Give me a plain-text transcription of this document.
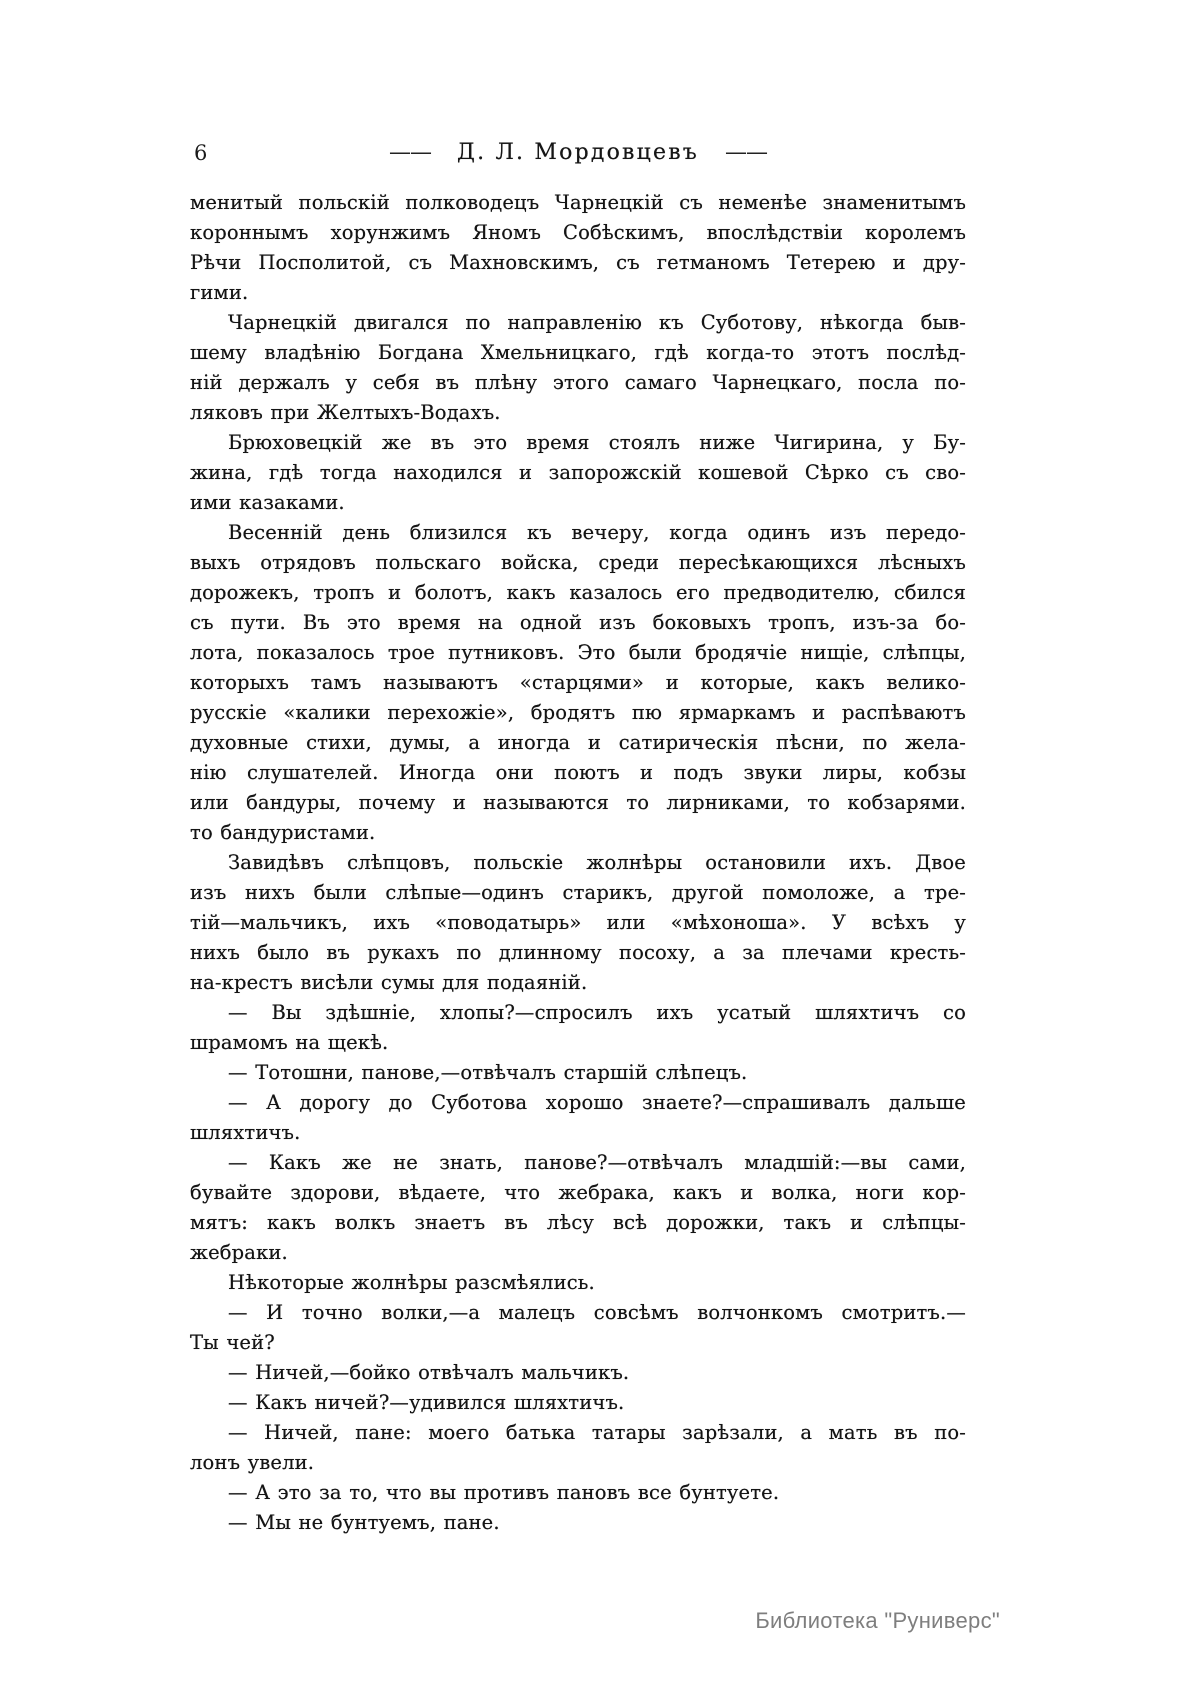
6	—— Д. Л. Мордовцевъ ——
менитый польскій полководецъ Чарнецкій съ неменѣе знаменитымъ
короннымъ хорунжимъ Яномъ Собѣскимъ, впослѣдствіи королемъ
Рѣчи Посполитой, съ Махновскимъ, съ гетманомъ Тетерею и дру-
гими.
Чарнецкій двигался по направленію къ Суботову, нѣкогда быв-
шему владѣнію Богдана Хмельницкаго, гдѣ когда-то этотъ послѣд-
ній держалъ у себя въ плѣну этого самаго Чарнецкаго, посла по-
ляковъ при Желтыхъ-Водахъ.
Брюховецкій же въ это время стоялъ ниже Чигирина, у Бу-
жина, гдѣ тогда находился и запорожскій кошевой Сѣрко съ сво-
ими казаками.
Весенній день близился къ вечеру, когда одинъ изъ передо-
выхъ отрядовъ польскаго войска, среди пересѣкающихся лѣсныхъ
дорожекъ, тропъ и болотъ, какъ казалось его предводителю, сбился
съ пути. Въ это время на одной изъ боковыхъ тропъ, изъ-за бо-
лота, показалось трое путниковъ. Это были бродячіе нищіе, слѣпцы,
которыхъ тамъ называютъ «старцями» и которые, какъ велико-
русскіе «калики перехожіе», бродятъ пю ярмаркамъ и распѣваютъ
духовные стихи, думы, а иногда и сатирическія пѣсни, по жела-
нію слушателей. Иногда они поютъ и подъ звуки лиры, кобзы
или бандуры, почему и называются то лирниками, то кобзарями.
то бандуристами.
Завидѣвъ слѣпцовъ, польскіе жолнѣры остановили ихъ. Двое
изъ нихъ были слѣпые—одинъ старикъ, другой помоложе, а тре-
тій—мальчикъ, ихъ «поводатырь» или «мѣхоноша». У всѣхъ у
нихъ было въ рукахъ по длинному посоху, а за плечами кресть-
на-крестъ висѣли сумы для подаяній.
— Вы здѣшніе, хлопы?—спросилъ ихъ усатый шляхтичъ со
шрамомъ на щекѣ.
— Тотошни, панове,—отвѣчалъ старшій слѣпецъ.
— А дорогу до Суботова хорошо знаете?—спрашивалъ дальше
шляхтичъ.
— Какъ же не знать, панове?—отвѣчалъ младшій:—вы сами,
бувайте здорови, вѣдаете, что жебрака, какъ и волка, ноги кор-
мятъ: какъ волкъ знаетъ въ лѣсу всѣ дорожки, такъ и слѣпцы-
жебраки.
Нѣкоторые жолнѣры разсмѣялись.
— И точно волки,—а малецъ совсѣмъ волчонкомъ смотритъ.—
Ты чей?
— Ничей,—бойко отвѣчалъ мальчикъ.
— Какъ ничей?—удивился шляхтичъ.
— Ничей, пане: моего батька татары зарѣзали, а мать въ по-
лонъ увели.
— А это за то, что вы противъ пановъ все бунтуете.
— Мы не бунтуемъ, пане.
Библиотека "Руниверс"
